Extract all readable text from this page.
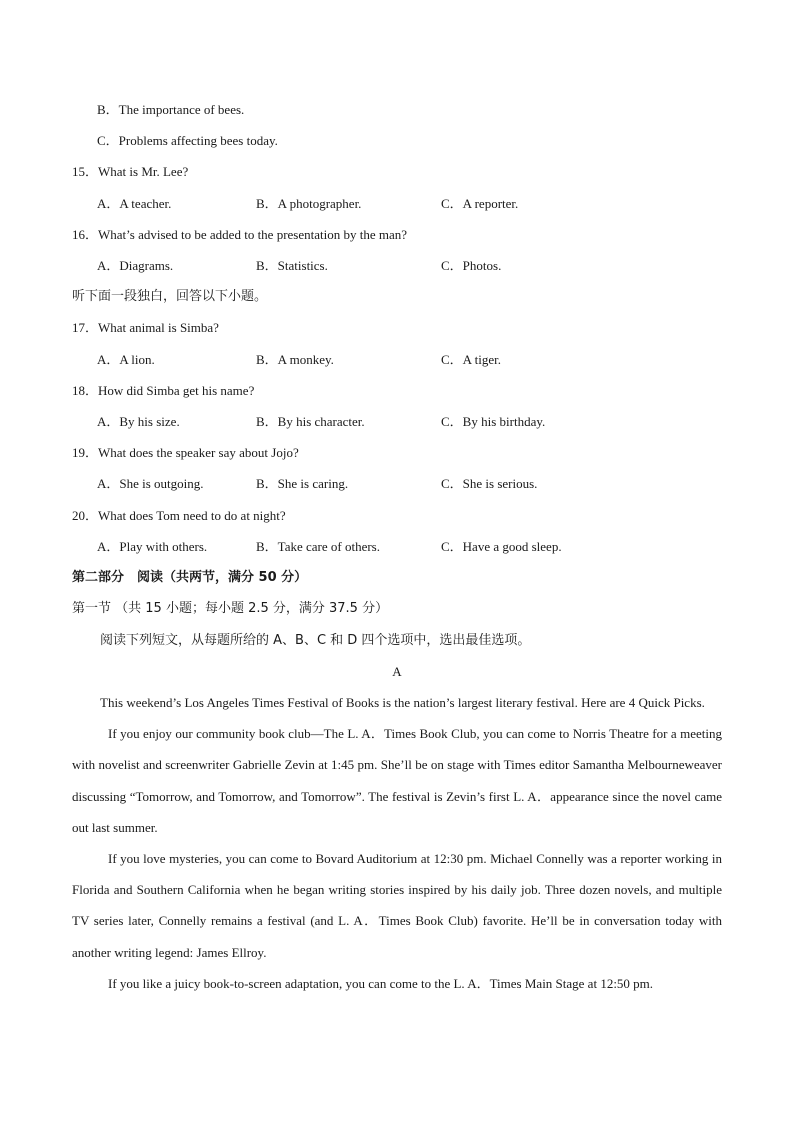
B．The importance of bees.
C．Problems affecting bees today.
15．What is Mr. Lee?
A．A teacher.	B．A photographer.	C．A reporter.
16．What’s advised to be added to the presentation by the man?
A．Diagrams.	B．Statistics.	C．Photos.
听下面一段独白，回答以下小题。
17．What animal is Simba?
A．A lion.	B．A monkey.	C．A tiger.
18．How did Simba get his name?
A．By his size.	B．By his character.	C．By his birthday.
19．What does the speaker say about Jojo?
A．She is outgoing.	B．She is caring.	C．She is serious.
20．What does Tom need to do at night?
A．Play with others.	B．Take care of others.	C．Have a good sleep.
第二部分　阅读（共两节，满分 50 分）
第一节 （共 15 小题；每小题 2.5 分，满分 37.5 分）
阅读下列短文，从每题所给的 A、B、C 和 D 四个选项中，选出最佳选项。
A

This weekend’s Los Angeles Times Festival of Books is the nation’s largest literary festival. Here are 4 Quick Picks.

If you enjoy our community book club—The L. A．Times Book Club, you can come to Norris Theatre for a meeting with novelist and screenwriter Gabrielle Zevin at 1:45 pm. She’ll be on stage with Times editor Samantha Melbourneweaver discussing “Tomorrow, and Tomorrow, and Tomorrow”. The festival is Zevin’s first L. A．appearance since the novel came out last summer.

If you love mysteries, you can come to Bovard Auditorium at 12:30 pm. Michael Connelly was a reporter working in Florida and Southern California when he began writing stories inspired by his daily job. Three dozen novels, and multiple TV series later, Connelly remains a festival (and L. A．Times Book Club) favorite. He’ll be in conversation today with another writing legend: James Ellroy.

If you like a juicy book-to-screen adaptation, you can come to the L. A．Times Main Stage at 12:50 pm.
